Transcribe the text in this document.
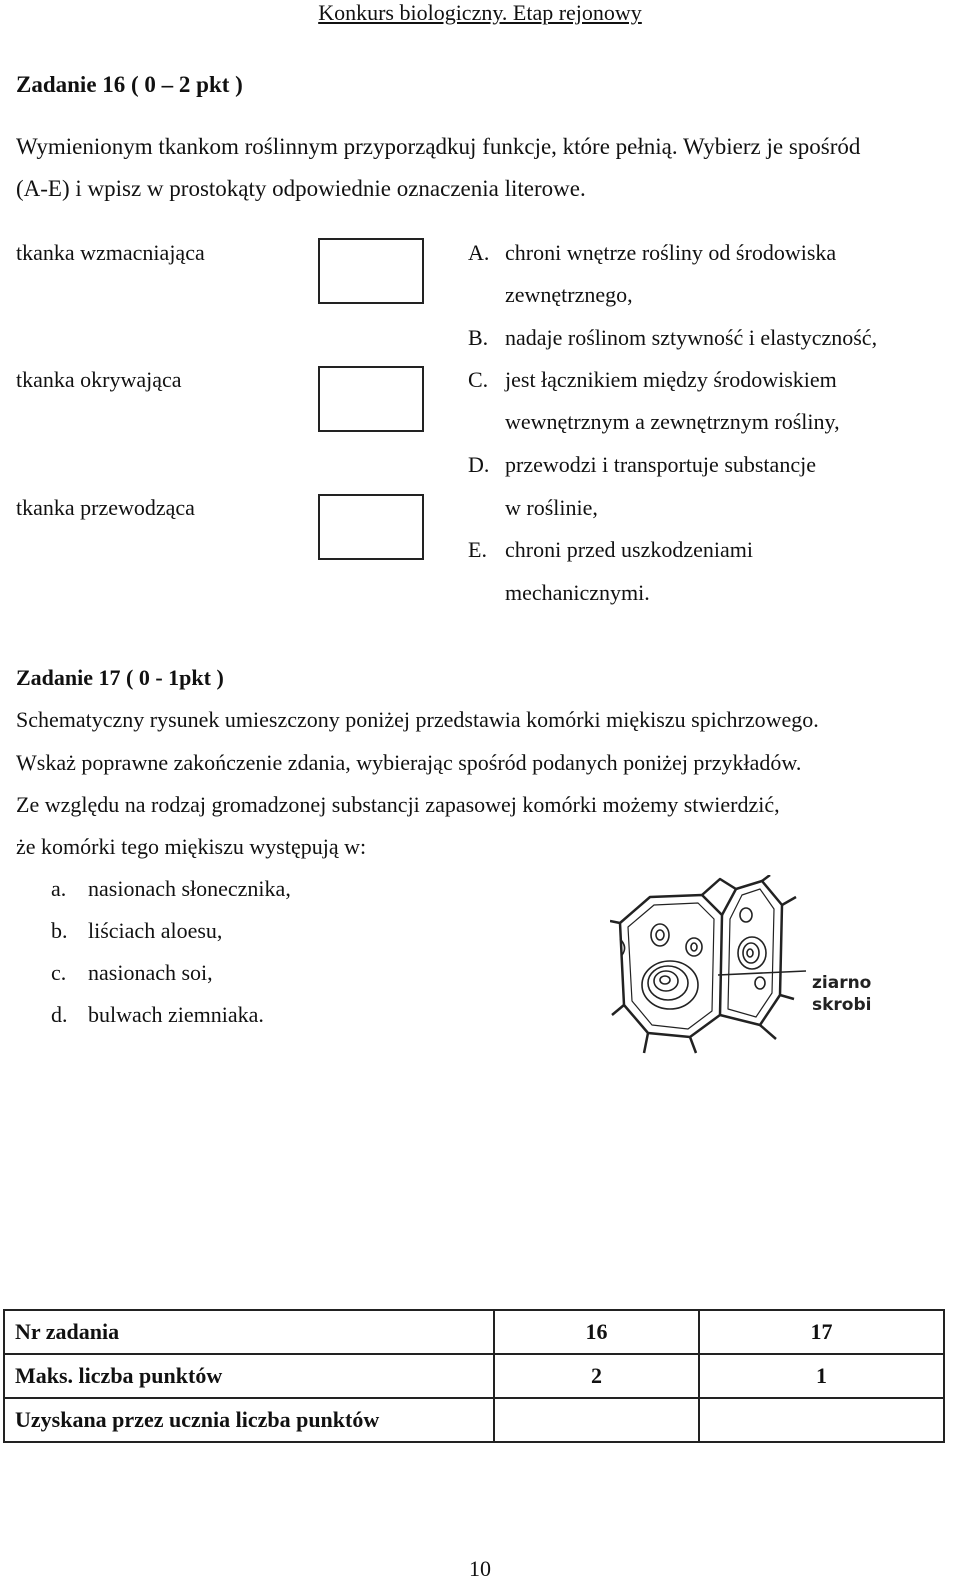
Konkurs biologiczny. Etap rejonowy
Zadanie 16 ( 0 – 2 pkt )
Wymienionym tkankom roślinnym przyporządkuj funkcje, które pełnią. Wybierz je spośród
(A-E) i wpisz w prostokąty odpowiednie oznaczenia literowe.
tkanka wzmacniająca
tkanka okrywająca
tkanka przewodząca
A. chroni wnętrze rośliny od środowiska
zewnętrznego,
B. nadaje roślinom sztywność i elastyczność,
C. jest łącznikiem między środowiskiem
wewnętrznym a zewnętrznym rośliny,
D. przewodzi i transportuje substancje
w roślinie,
E. chroni przed uszkodzeniami
mechanicznymi.
Zadanie 17 ( 0 - 1pkt )
Schematyczny rysunek umieszczony poniżej przedstawia komórki miękiszu spichrzowego.
Wskaż poprawne zakończenie zdania, wybierając spośród podanych poniżej przykładów.
Ze względu na rodzaj gromadzonej substancji zapasowej komórki możemy stwierdzić,
że komórki tego miękiszu występują w:
a. nasionach słonecznika,
b. liściach aloesu,
c. nasionach soi,
d. bulwach ziemniaka.
ziarno
skrobi
Nr zadania	16	17
Maks. liczba punktów	2	1
Uzyskana przez ucznia liczba punktów		
10
